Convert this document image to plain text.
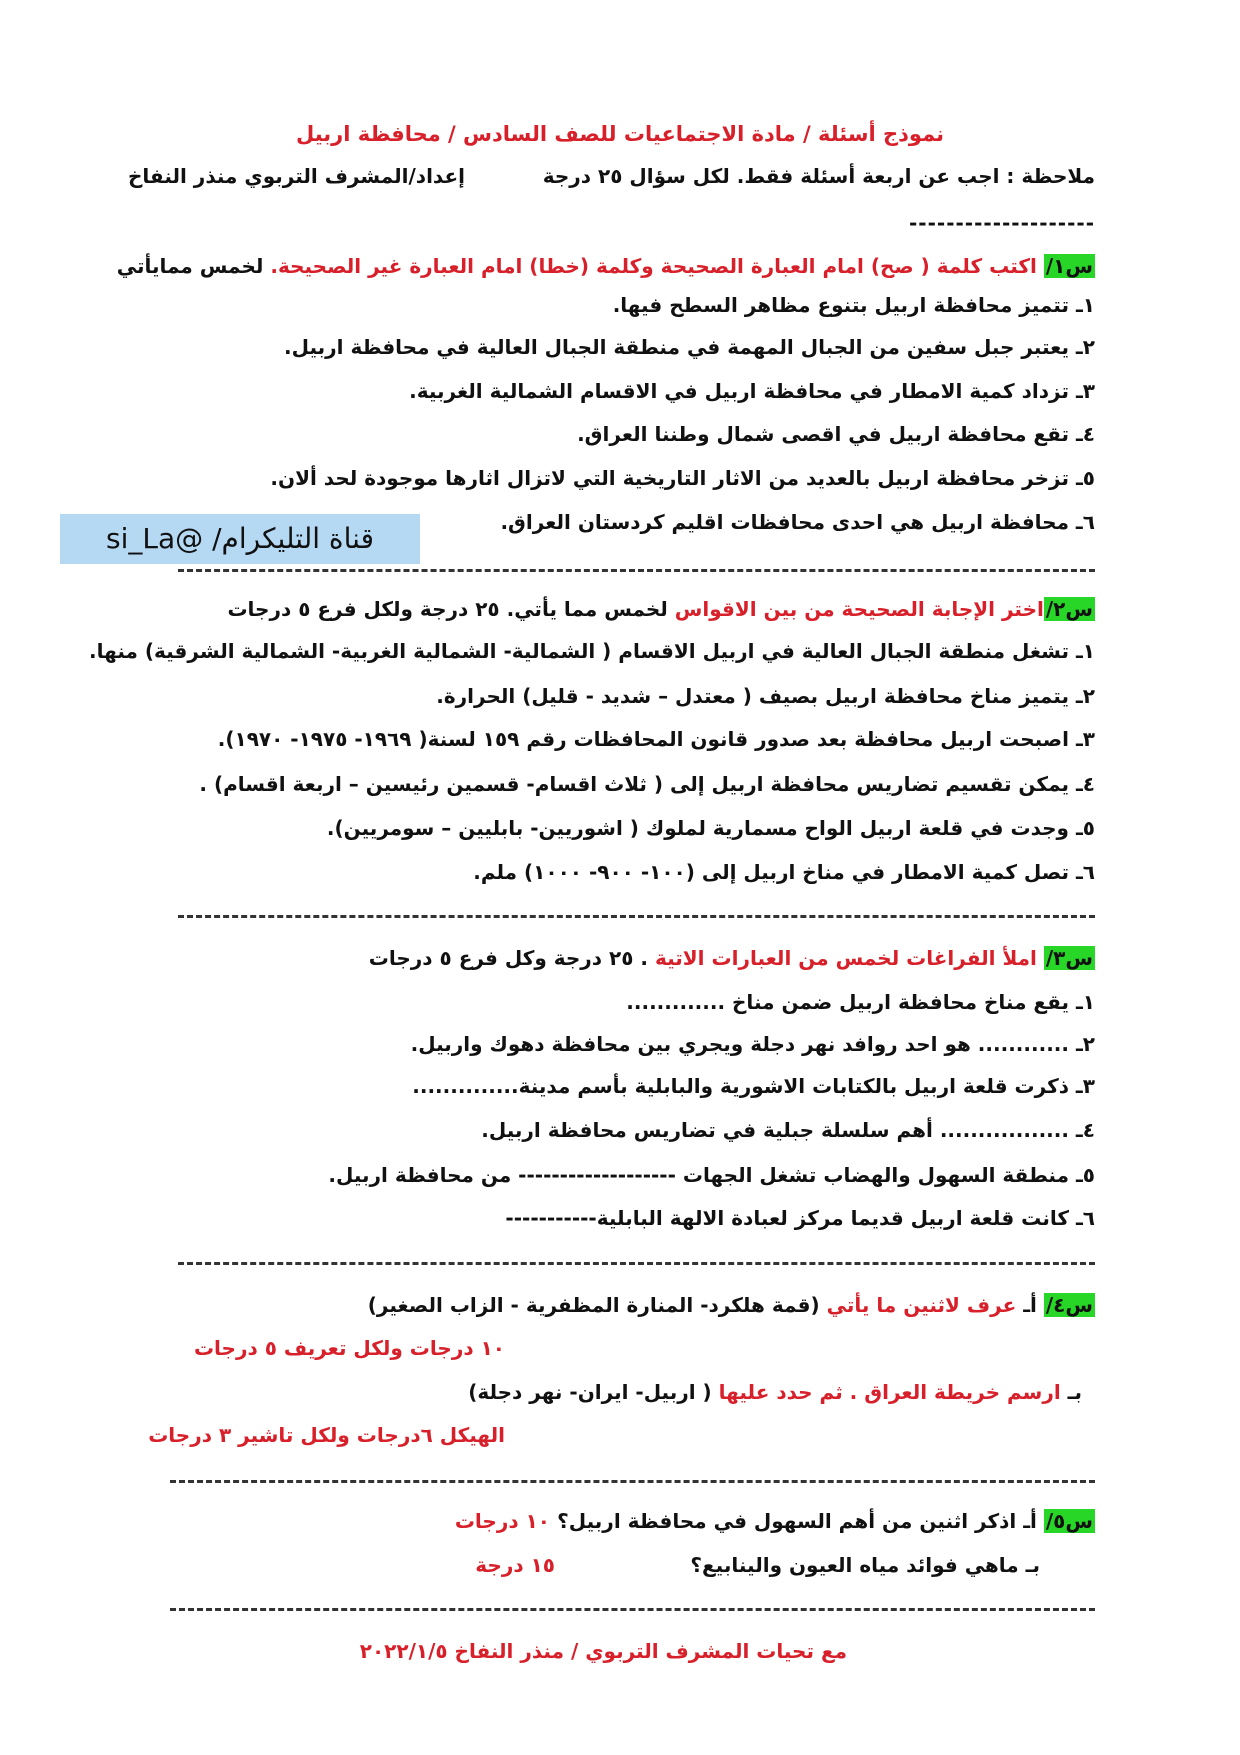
نموذج أسئلة / مادة الاجتماعيات للصف السادس / محافظة اربيل
ملاحظة : اجب عن اربعة أسئلة فقط. لكل سؤال ٢٥ درجة
إعداد/المشرف التربوي منذر النفاخ
--------------------
س١/ اكتب كلمة ( صح) امام العبارة الصحيحة وكلمة (خطا) امام العبارة غير الصحيحة. لخمس ممايأتي
١ـ تتميز محافظة اربيل بتنوع مظاهر السطح فيها.
٢ـ يعتبر جبل سفين من الجبال المهمة في منطقة الجبال العالية في محافظة اربيل.
٣ـ تزداد كمية الامطار في محافظة اربيل في الاقسام الشمالية الغربية.
٤ـ تقع محافظة اربيل في اقصى شمال وطننا العراق.
٥ـ تزخر محافظة اربيل بالعديد من الاثار التاريخية التي لاتزال اثارها موجودة لحد ألان.
٦ـ محافظة اربيل هي احدى محافظات اقليم كردستان العراق.
قناة التليكرام/ @si_La
س٢/اختر الإجابة الصحيحة من بين الاقواس لخمس مما يأتي. ٢٥ درجة ولكل فرع ٥ درجات
١ـ تشغل منطقة الجبال العالية في اربيل الاقسام ( الشمالية- الشمالية الغربية- الشمالية الشرقية) منها.
٢ـ يتميز مناخ محافظة اربيل بصيف ( معتدل – شديد - قليل) الحرارة.
٣ـ اصبحت اربيل محافظة بعد صدور قانون المحافظات رقم ١٥٩ لسنة( ١٩٦٩- ١٩٧٥- ١٩٧٠).
٤ـ يمكن تقسيم تضاريس محافظة اربيل إلى ( ثلاث اقسام- قسمين رئيسين – اربعة اقسام) .
٥ـ وجدت في قلعة اربيل الواح مسمارية لملوك ( اشوريين- بابليين – سومريين).
٦ـ تصل كمية الامطار في مناخ اربيل إلى (١٠٠- ٩٠٠- ١٠٠٠) ملم.
س٣/ املأ الفراغات لخمس من العبارات الاتية . ٢٥ درجة وكل فرع ٥ درجات
١ـ يقع مناخ محافظة اربيل ضمن مناخ .............
٢ـ ............ هو احد روافد نهر دجلة ويجري بين محافظة دهوك واربيل.
٣ـ ذكرت قلعة اربيل بالكتابات الاشورية والبابلية بأسم مدينة..............
٤ـ ................. أهم سلسلة جبلية في تضاريس محافظة اربيل.
٥ـ منطقة السهول والهضاب تشغل الجهات ------------------- من محافظة اربيل.
٦ـ كانت قلعة اربيل قديما مركز لعبادة الالهة البابلية-----------
س٤/ أـ عرف لاثنين ما يأتي (قمة هلكرد- المنارة المظفرية - الزاب الصغير)
١٠ درجات ولكل تعريف ٥ درجات
بـ ارسم خريطة العراق . ثم حدد عليها ( اربيل- ايران- نهر دجلة)
الهيكل ٦درجات ولكل تاشير ٣ درجات
س٥/ أـ اذكر اثنين من أهم السهول في محافظة اربيل؟
١٠ درجات
بـ ماهي فوائد مياه العيون والينابيع؟
١٥ درجة
مع تحيات المشرف التربوي / منذر النفاخ ٢٠٢٢/١/٥
